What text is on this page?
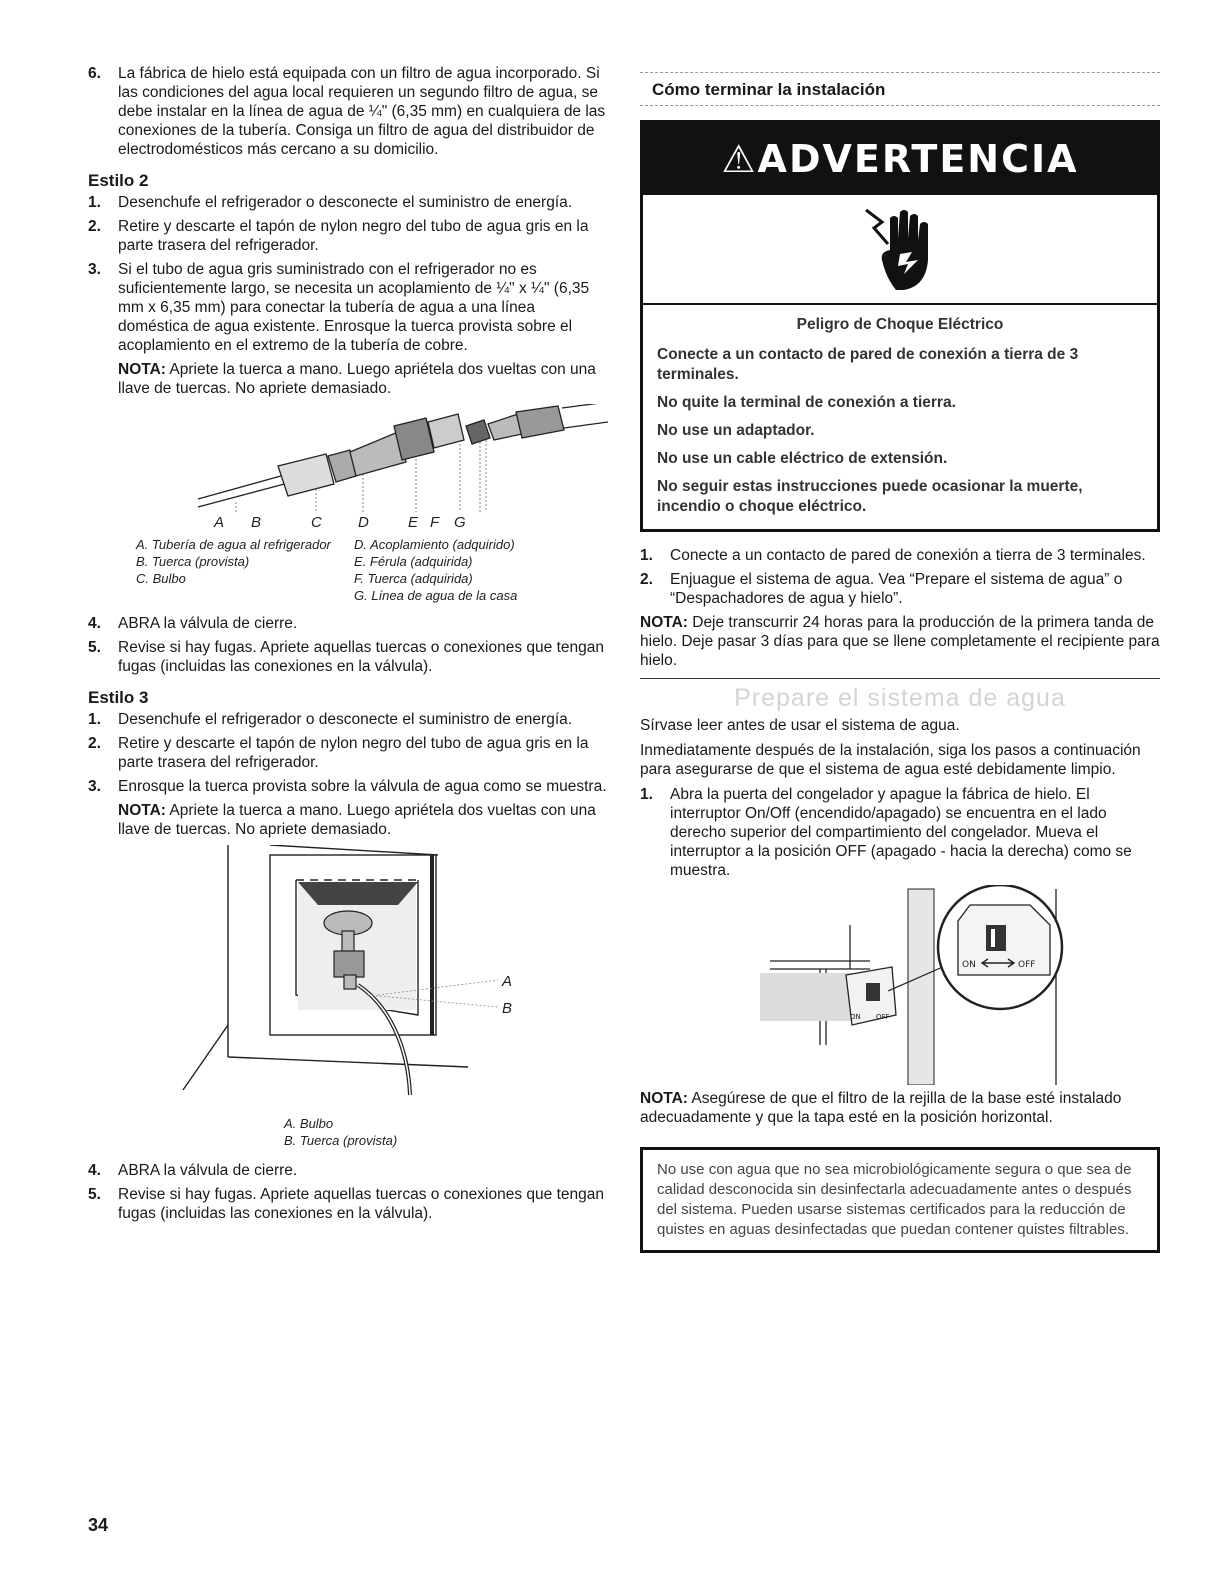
6. La fábrica de hielo está equipada con un filtro de agua incorporado. Si las condiciones del agua local requieren un segundo filtro de agua, se debe instalar en la línea de agua de ¼" (6,35 mm) en cualquiera de las conexiones de la tubería. Consiga un filtro de agua del distribuidor de electrodomésticos más cercano a su domicilio.
Estilo 2
1. Desenchufe el refrigerador o desconecte el suministro de energía.
2. Retire y descarte el tapón de nylon negro del tubo de agua gris en la parte trasera del refrigerador.
3. Si el tubo de agua gris suministrado con el refrigerador no es suficientemente largo, se necesita un acoplamiento de ¼" x ¼" (6,35 mm x 6,35 mm) para conectar la tubería de agua a una línea doméstica de agua existente. Enrosque la tuerca provista sobre el acoplamiento en el extremo de la tubería de cobre.
NOTA: Apriete la tuerca a mano. Luego apriétela dos vueltas con una llave de tuercas. No apriete demasiado.
A B	C D	E F G
A. Tubería de agua al refrigerador
B. Tuerca (provista)
C. Bulbo
D. Acoplamiento (adquirido)
E. Férula (adquirida)
F. Tuerca (adquirida)
G. Línea de agua de la casa
4. ABRA la válvula de cierre.
5. Revise si hay fugas. Apriete aquellas tuercas o conexiones que tengan fugas (incluidas las conexiones en la válvula).
Estilo 3
1. Desenchufe el refrigerador o desconecte el suministro de energía.
2. Retire y descarte el tapón de nylon negro del tubo de agua gris en la parte trasera del refrigerador.
3. Enrosque la tuerca provista sobre la válvula de agua como se muestra.
NOTA: Apriete la tuerca a mano. Luego apriételа dos vueltas con una llave de tuercas. No apriete demasiado.
A
B
A. Bulbo
B. Tuerca (provista)
4. ABRA la válvula de cierre.
5. Revise si hay fugas. Apriete aquellas tuercas o conexiones que tengan fugas (incluidas las conexiones en la válvula).
Cómo terminar la instalación
⚠ADVERTENCIA
Peligro de Choque Eléctrico
Conecte a un contacto de pared de conexión a tierra de 3 terminales.
No quite la terminal de conexión a tierra.
No use un adaptador.
No use un cable eléctrico de extensión.
No seguir estas instrucciones puede ocasionar la muerte, incendio o choque eléctrico.
1. Conecte a un contacto de pared de conexión a tierra de 3 terminales.
2. Enjuague el sistema de agua. Vea “Prepare el sistema de agua” o “Despachadores de agua y hielo”.
NOTA: Deje transcurrir 24 horas para la producción de la primera tanda de hielo. Deje pasar 3 días para que se llene completamente el recipiente para hielo.
Prepare el sistema de agua

Sírvase leer antes de usar el sistema de agua.

Inmediatamente después de la instalación, siga los pasos a continuación para asegurarse de que el sistema de agua esté debidamente limpio.

1. Abra la puerta del congelador y apague la fábrica de hielo. El interruptor On/Off (encendido/apagado) se encuentra en el lado derecho superior del compartimiento del congelador. Mueva el interruptor a la posición OFF (apagado - hacia la derecha) como se muestra.
ON OFF
ON	OFF
NOTA: Asegúrese de que el filtro de la rejilla de la base esté instalado adecuadamente y que la tapa esté en la posición horizontal.
No use con agua que no sea microbiológicamente segura o que sea de calidad desconocida sin desinfectarla adecuadamente antes o después del sistema. Pueden usarse sistemas certificados para la reducción de quistes en aguas desinfectadas que puedan contener quistes filtrables.
34
